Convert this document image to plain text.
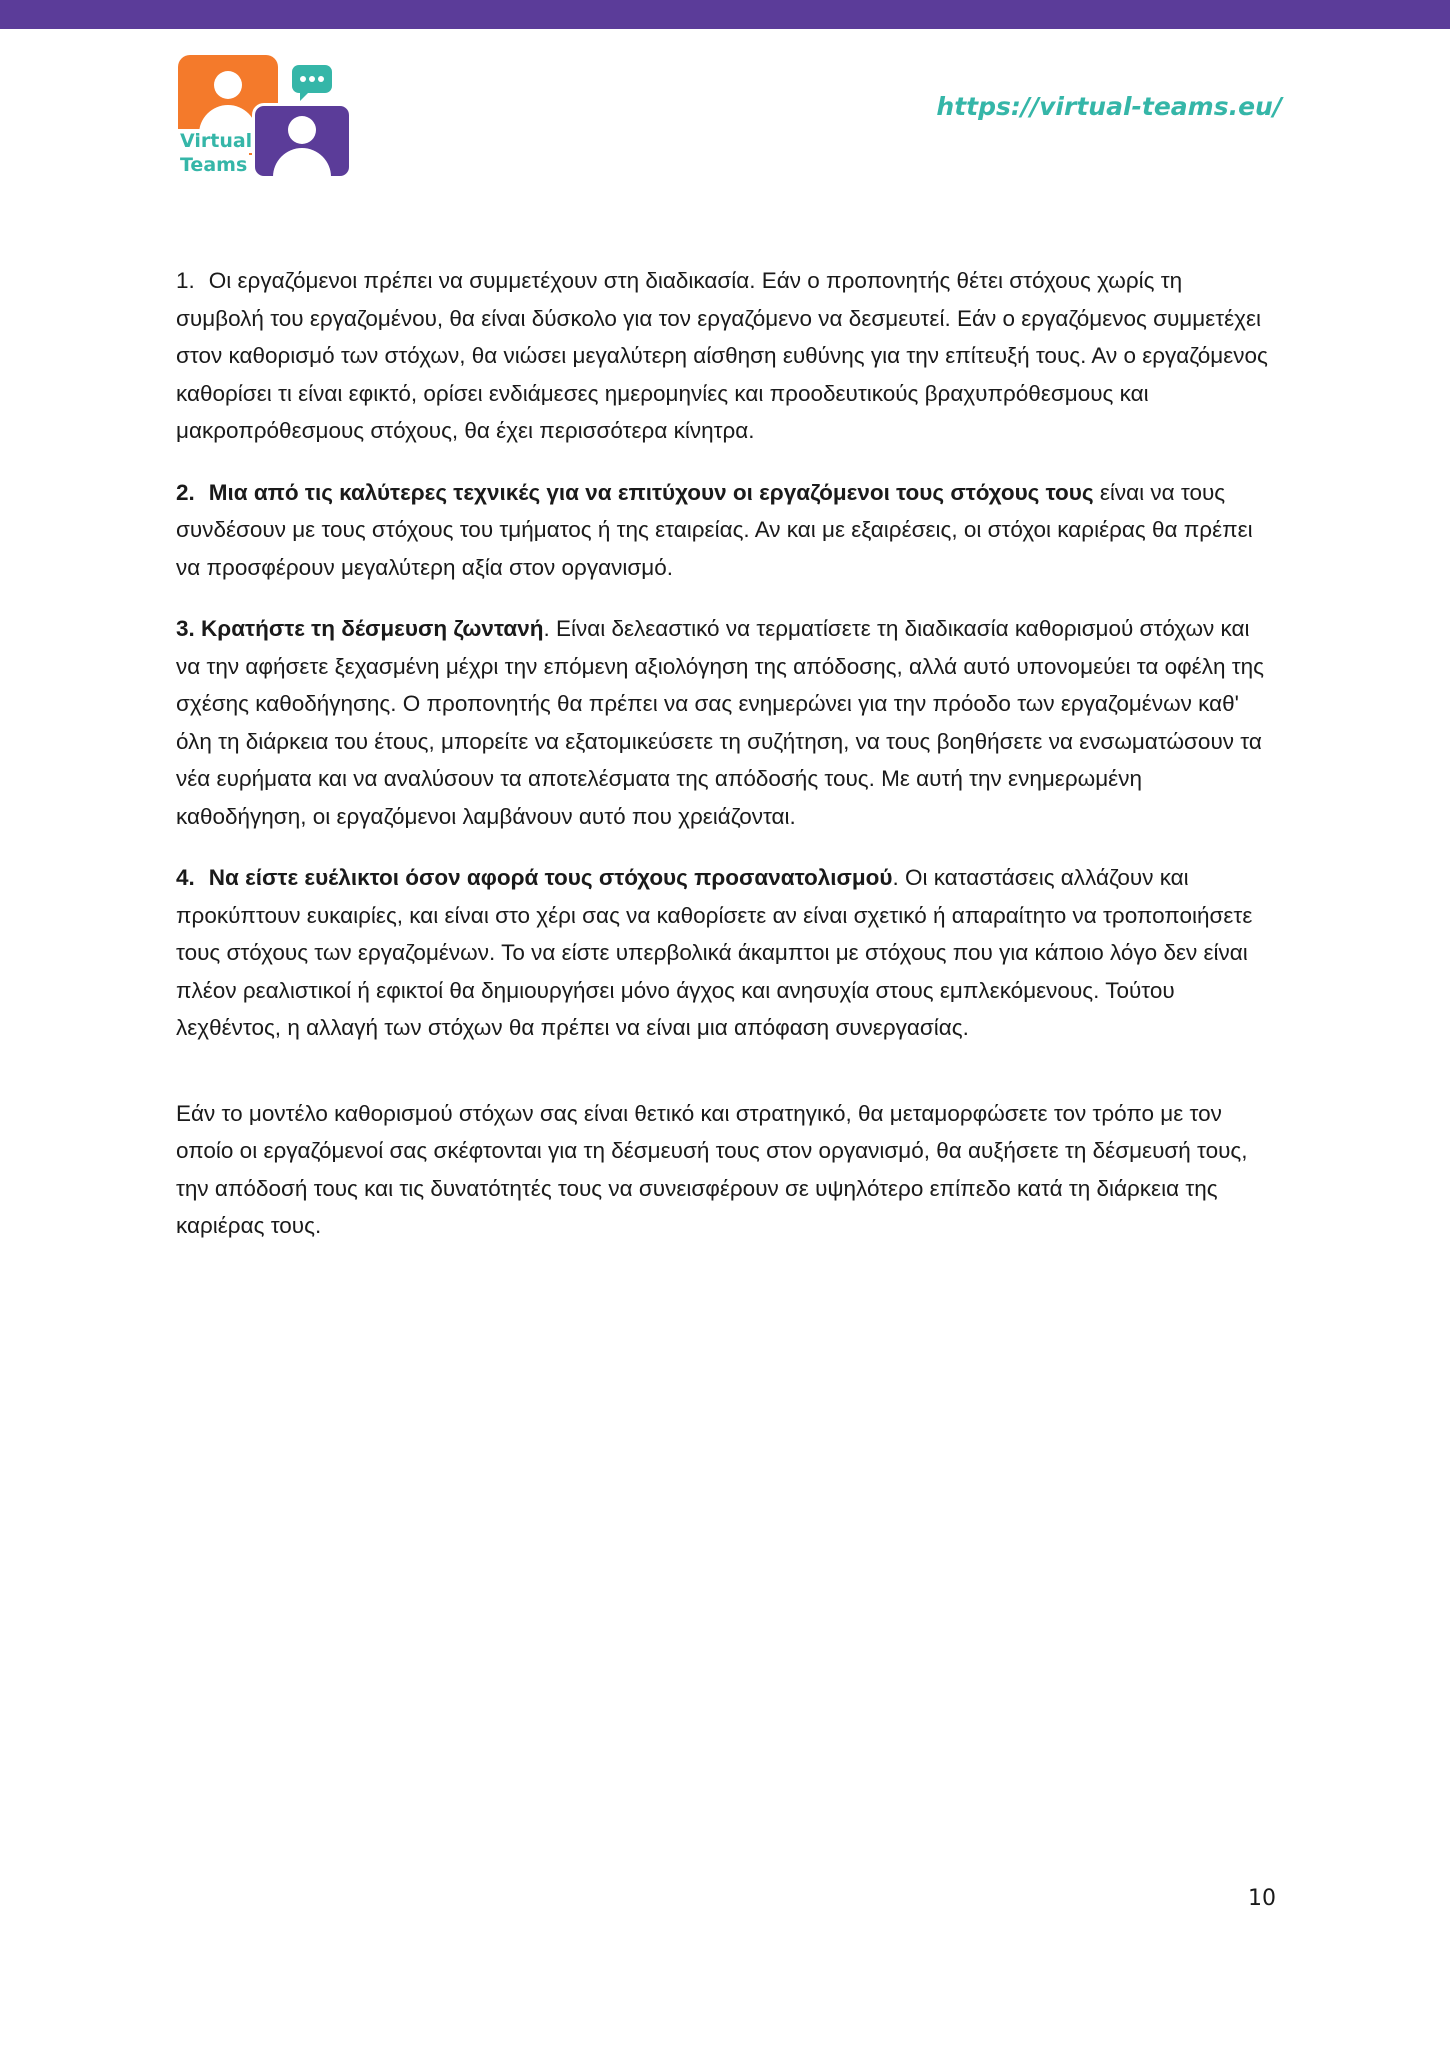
Virtual
Teams
https://virtual-teams.eu/

1. Οι εργαζόμενοι πρέπει να συμμετέχουν στη διαδικασία. Εάν ο προπονητής θέτει στόχους χωρίς τη συμβολή του εργαζομένου, θα είναι δύσκολο για τον εργαζόμενο να δεσμευτεί. Εάν ο εργαζόμενος συμμετέχει στον καθορισμό των στόχων, θα νιώσει μεγαλύτερη αίσθηση ευθύνης για την επίτευξή τους. Αν ο εργαζόμενος καθορίσει τι είναι εφικτό, ορίσει ενδιάμεσες ημερομηνίες και προοδευτικούς βραχυπρόθεσμους και μακροπρόθεσμους στόχους, θα έχει περισσότερα κίνητρα.

2. Μια από τις καλύτερες τεχνικές για να επιτύχουν οι εργαζόμενοι τους στόχους τους είναι να τους συνδέσουν με τους στόχους του τμήματος ή της εταιρείας. Αν και με εξαιρέσεις, οι στόχοι καριέρας θα πρέπει να προσφέρουν μεγαλύτερη αξία στον οργανισμό.

3. Κρατήστε τη δέσμευση ζωντανή. Είναι δελεαστικό να τερματίσετε τη διαδικασία καθορισμού στόχων και να την αφήσετε ξεχασμένη μέχρι την επόμενη αξιολόγηση της απόδοσης, αλλά αυτό υπονομεύει τα οφέλη της σχέσης καθοδήγησης. Ο προπονητής θα πρέπει να σας ενημερώνει για την πρόοδο των εργαζομένων καθ' όλη τη διάρκεια του έτους, μπορείτε να εξατομικεύσετε τη συζήτηση, να τους βοηθήσετε να ενσωματώσουν τα νέα ευρήματα και να αναλύσουν τα αποτελέσματα της απόδοσής τους. Με αυτή την ενημερωμένη καθοδήγηση, οι εργαζόμενοι λαμβάνουν αυτό που χρειάζονται.

4. Να είστε ευέλικτοι όσον αφορά τους στόχους προσανατολισμού. Οι καταστάσεις αλλάζουν και προκύπτουν ευκαιρίες, και είναι στο χέρι σας να καθορίσετε αν είναι σχετικό ή απαραίτητο να τροποποιήσετε τους στόχους των εργαζομένων. Το να είστε υπερβολικά άκαμπτοι με στόχους που για κάποιο λόγο δεν είναι πλέον ρεαλιστικοί ή εφικτοί θα δημιουργήσει μόνο άγχος και ανησυχία στους εμπλεκόμενους. Τούτου λεχθέντος, η αλλαγή των στόχων θα πρέπει να είναι μια απόφαση συνεργασίας.

Εάν το μοντέλο καθορισμού στόχων σας είναι θετικό και στρατηγικό, θα μεταμορφώσετε τον τρόπο με τον οποίο οι εργαζόμενοί σας σκέφτονται για τη δέσμευσή τους στον οργανισμό, θα αυξήσετε τη δέσμευσή τους, την απόδοσή τους και τις δυνατότητές τους να συνεισφέρουν σε υψηλότερο επίπεδο κατά τη διάρκεια της καριέρας τους.

10
